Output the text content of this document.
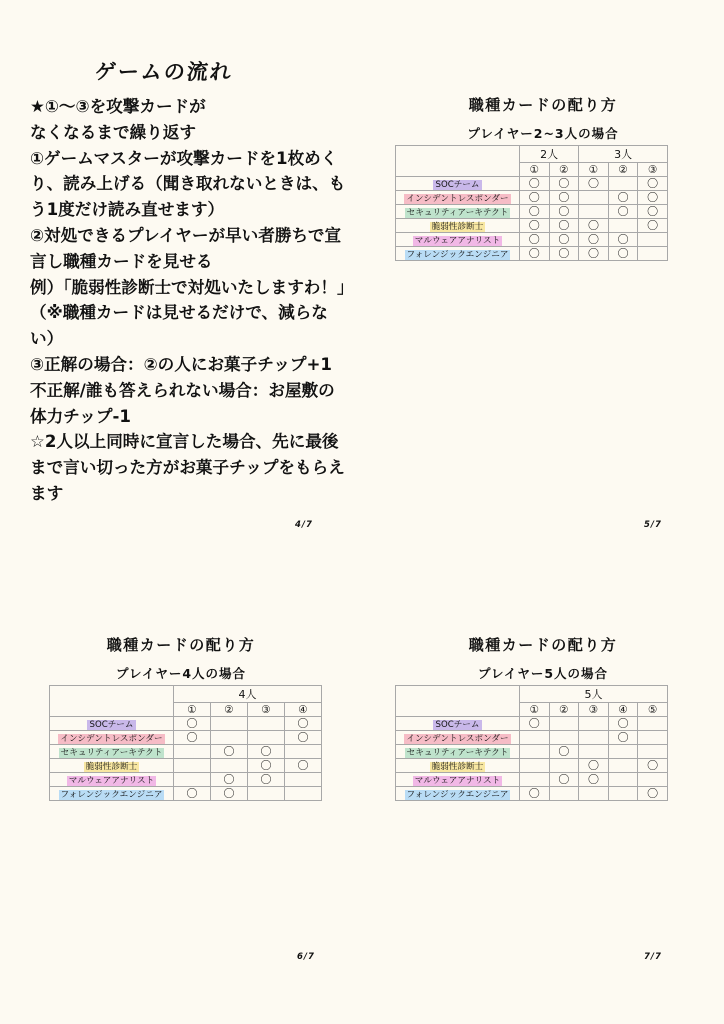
ゲームの流れ

★①～③を攻撃カードが

なくなるまで繰り返す

①ゲームマスターが攻撃カードを1枚めくり、読み上げる（聞き取れないときは、もう1度だけ読み直せます）

②対処できるプレイヤーが早い者勝ちで宣言し職種カードを見せる

例）「脆弱性診断士で対処いたしますわ！」（※職種カードは見せるだけで、減らない）

③正解の場合：②の人にお菓子チップ+1

不正解/誰も答えられない場合：お屋敷の体力チップ-1

☆2人以上同時に宣言した場合、先に最後まで言い切った方がお菓子チップをもらえます

4/7
職種カードの配り方
プレイヤー2~3人の場合
	2人		3人		
	①	②	①	②	③
SOCチーム	〇	〇	〇		〇
インシデントレスポンダー	〇	〇		〇	〇
セキュリティアーキテクト	〇	〇		〇	〇
脆弱性診断士	〇	〇	〇		〇
マルウェアアナリスト	〇	〇	〇	〇	
フォレンジックエンジニア	〇	〇	〇	〇	
5/7
職種カードの配り方
プレイヤー4人の場合
	4人			
	①	②	③	④
SOCチーム	〇			〇
インシデントレスポンダー	〇			〇
セキュリティアーキテクト		〇	〇	
脆弱性診断士			〇	〇
マルウェアアナリスト		〇	〇	
フォレンジックエンジニア	〇	〇		
6/7
職種カードの配り方
プレイヤー5人の場合
	5人				
	①	②	③	④	⑤
SOCチーム	〇			〇	
インシデントレスポンダー				〇	
セキュリティアーキテクト		〇			
脆弱性診断士			〇		〇
マルウェアアナリスト		〇	〇		
フォレンジックエンジニア	〇				〇
7/7
